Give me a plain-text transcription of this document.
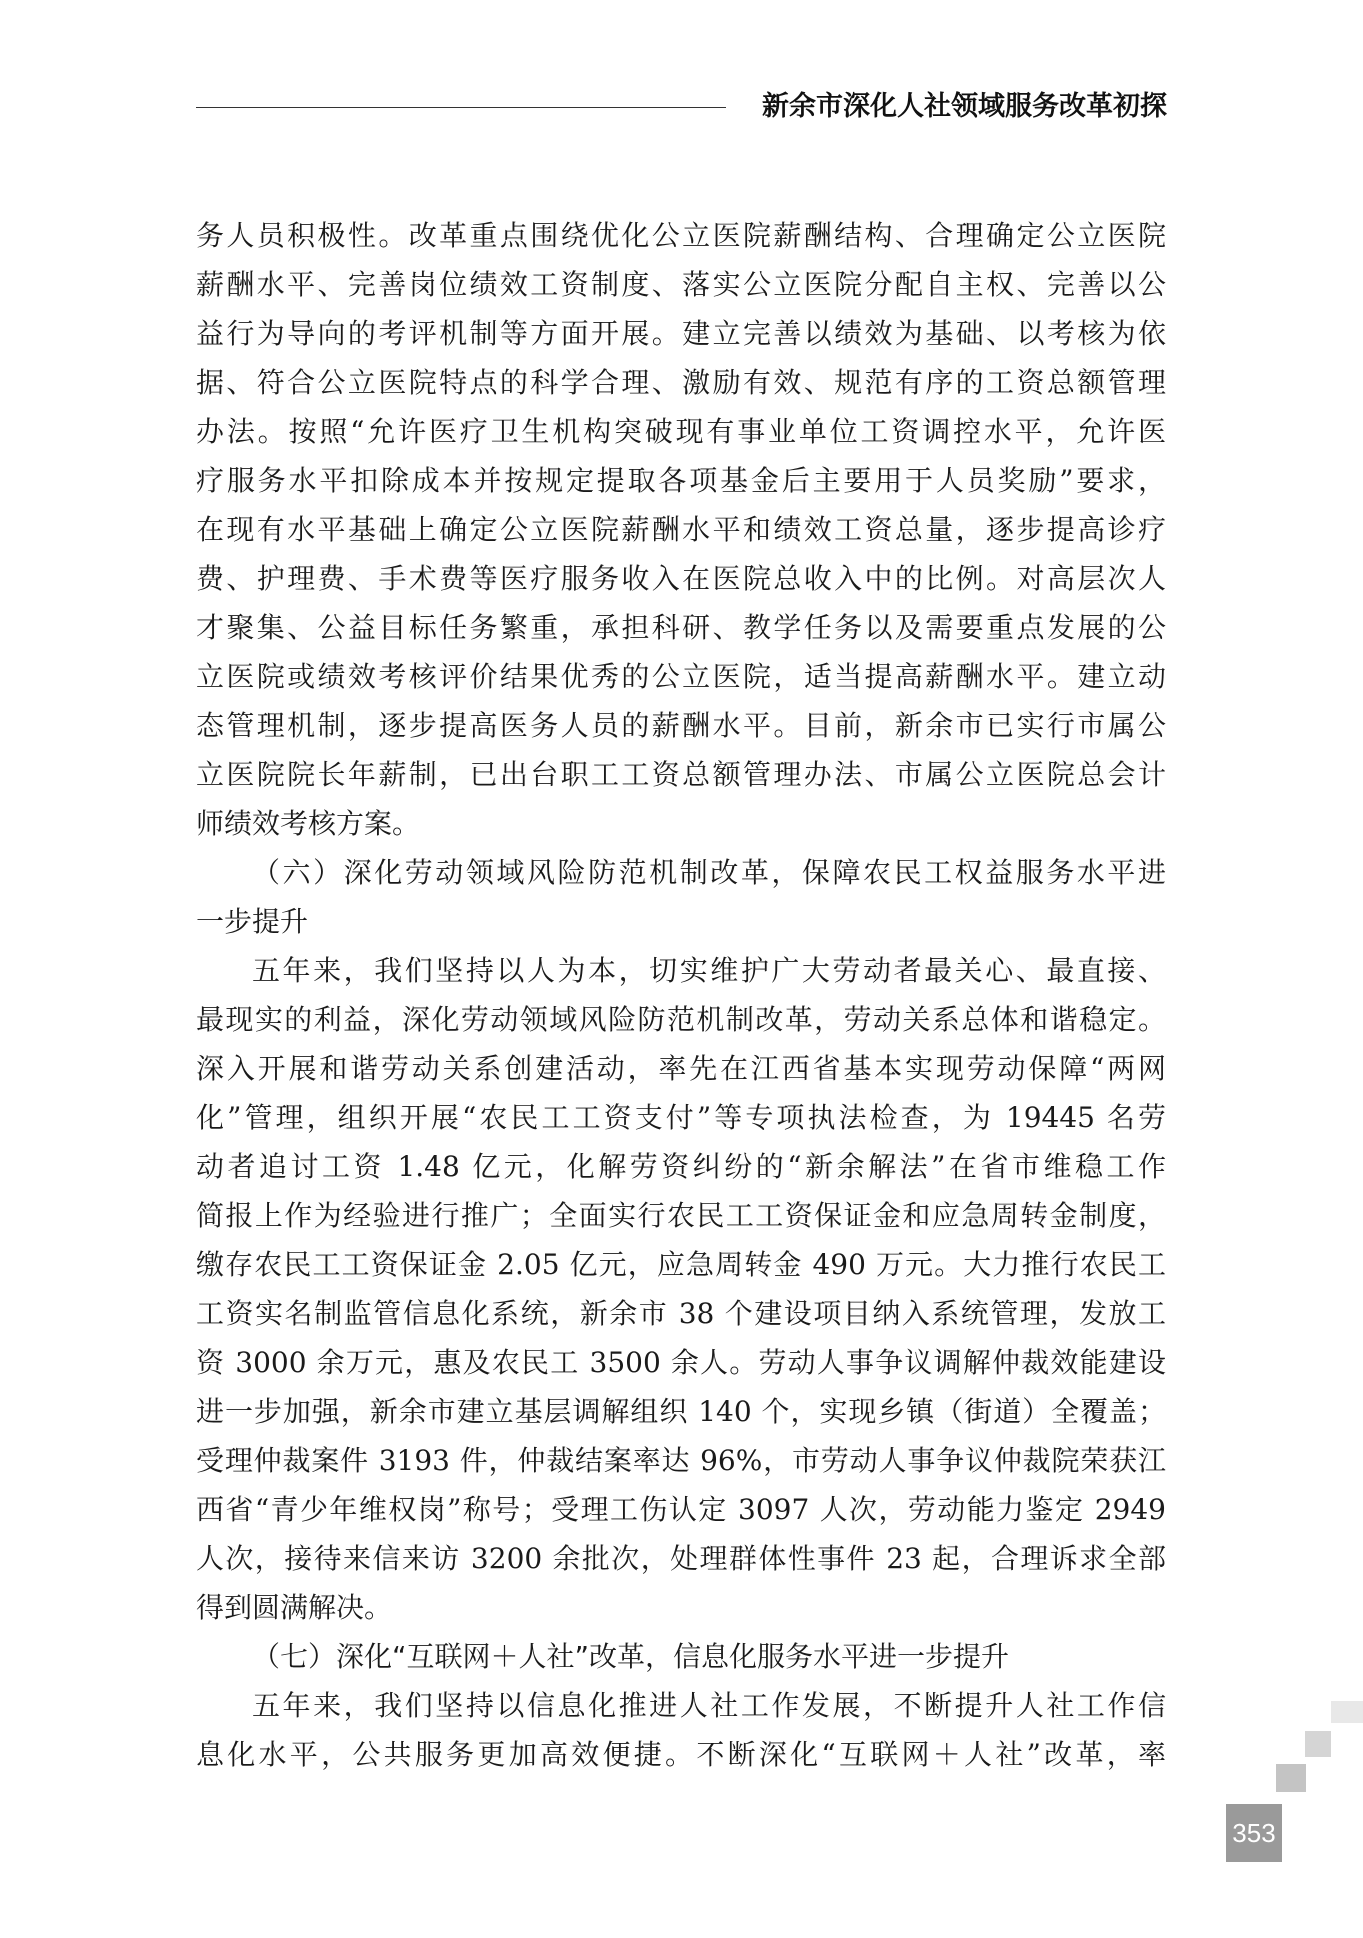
新余市深化人社领域服务改革初探
务人员积极性。改革重点围绕优化公立医院薪酬结构、合理确定公立医院
薪酬水平、完善岗位绩效工资制度、落实公立医院分配自主权、完善以公
益行为导向的考评机制等方面开展。建立完善以绩效为基础、以考核为依
据、符合公立医院特点的科学合理、激励有效、规范有序的工资总额管理
办法。按照“允许医疗卫生机构突破现有事业单位工资调控水平，允许医
疗服务水平扣除成本并按规定提取各项基金后主要用于人员奖励”要求，
在现有水平基础上确定公立医院薪酬水平和绩效工资总量，逐步提高诊疗
费、护理费、手术费等医疗服务收入在医院总收入中的比例。对高层次人
才聚集、公益目标任务繁重，承担科研、教学任务以及需要重点发展的公
立医院或绩效考核评价结果优秀的公立医院，适当提高薪酬水平。建立动
态管理机制，逐步提高医务人员的薪酬水平。目前，新余市已实行市属公
立医院院长年薪制，已出台职工工资总额管理办法、市属公立医院总会计
师绩效考核方案。
（六）深化劳动领域风险防范机制改革，保障农民工权益服务水平进
一步提升
五年来，我们坚持以人为本，切实维护广大劳动者最关心、最直接、
最现实的利益，深化劳动领域风险防范机制改革，劳动关系总体和谐稳定。
深入开展和谐劳动关系创建活动，率先在江西省基本实现劳动保障“两网
化”管理，组织开展“农民工工资支付”等专项执法检查，为 19445 名劳
动者追讨工资 1.48 亿元，化解劳资纠纷的“新余解法”在省市维稳工作
简报上作为经验进行推广；全面实行农民工工资保证金和应急周转金制度，
缴存农民工工资保证金 2.05 亿元，应急周转金 490 万元。大力推行农民工
工资实名制监管信息化系统，新余市 38 个建设项目纳入系统管理，发放工
资 3000 余万元，惠及农民工 3500 余人。劳动人事争议调解仲裁效能建设
进一步加强，新余市建立基层调解组织 140 个，实现乡镇（街道）全覆盖；
受理仲裁案件 3193 件，仲裁结案率达 96%，市劳动人事争议仲裁院荣获江
西省“青少年维权岗”称号；受理工伤认定 3097 人次，劳动能力鉴定 2949
人次，接待来信来访 3200 余批次，处理群体性事件 23 起，合理诉求全部
得到圆满解决。
（七）深化“互联网＋人社”改革，信息化服务水平进一步提升
五年来，我们坚持以信息化推进人社工作发展，不断提升人社工作信
息化水平，公共服务更加高效便捷。不断深化“互联网＋人社”改革，率
353
